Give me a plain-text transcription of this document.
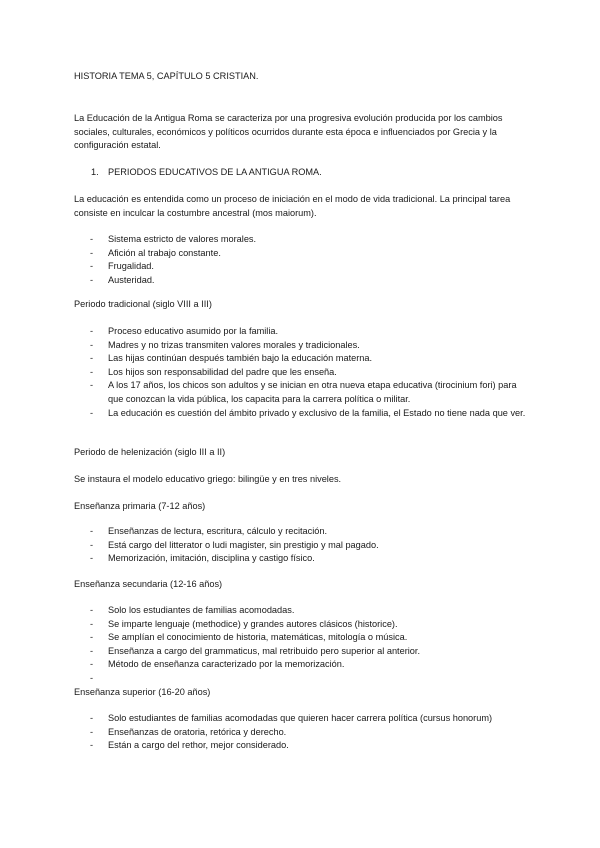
HISTORIA TEMA 5, CAPÍTULO 5 CRISTIAN.
La Educación de la Antigua Roma se caracteriza por una progresiva evolución producida por los cambios sociales, culturales, económicos y políticos ocurridos durante esta época e influenciados por Grecia y la configuración estatal.
1. PERIODOS EDUCATIVOS DE LA ANTIGUA ROMA.
La educación es entendida como un proceso de iniciación en el modo de vida tradicional. La principal tarea consiste en inculcar la costumbre ancestral (mos maiorum).
- Sistema estricto de valores morales.
- Afición al trabajo constante.
- Frugalidad.
- Austeridad.
Periodo tradicional (siglo VIII a III)
- Proceso educativo asumido por la familia.
- Madres y no trizas transmiten valores morales y tradicionales.
- Las hijas continúan después también bajo la educación materna.
- Los hijos son responsabilidad del padre que les enseña.
- A los 17 años, los chicos son adultos y se inician en otra nueva etapa educativa (tirocinium fori) para que conozcan la vida pública, los capacita para la carrera política o militar.
- La educación es cuestión del ámbito privado y exclusivo de la familia, el Estado no tiene nada que ver.
Periodo de helenización (siglo III a II)
Se instaura el modelo educativo griego: bilingüe y en tres niveles.
Enseñanza primaria (7-12 años)
- Enseñanzas de lectura, escritura, cálculo y recitación.
- Está cargo del litterator o ludi magister, sin prestigio y mal pagado.
- Memorización, imitación, disciplina y castigo físico.
Enseñanza secundaria (12-16 años)
- Solo los estudiantes de familias acomodadas.
- Se imparte lenguaje (methodice) y grandes autores clásicos (historice).
- Se amplían el conocimiento de historia, matemáticas, mitología o música.
- Enseñanza a cargo del grammaticus, mal retribuido pero superior al anterior.
- Método de enseñanza caracterizado por la memorización.
-

Enseñanza superior (16-20 años)
- Solo estudiantes de familias acomodadas que quieren hacer carrera política (cursus honorum)
- Enseñanzas de oratoria, retórica y derecho.
- Están a cargo del rethor, mejor considerado.
